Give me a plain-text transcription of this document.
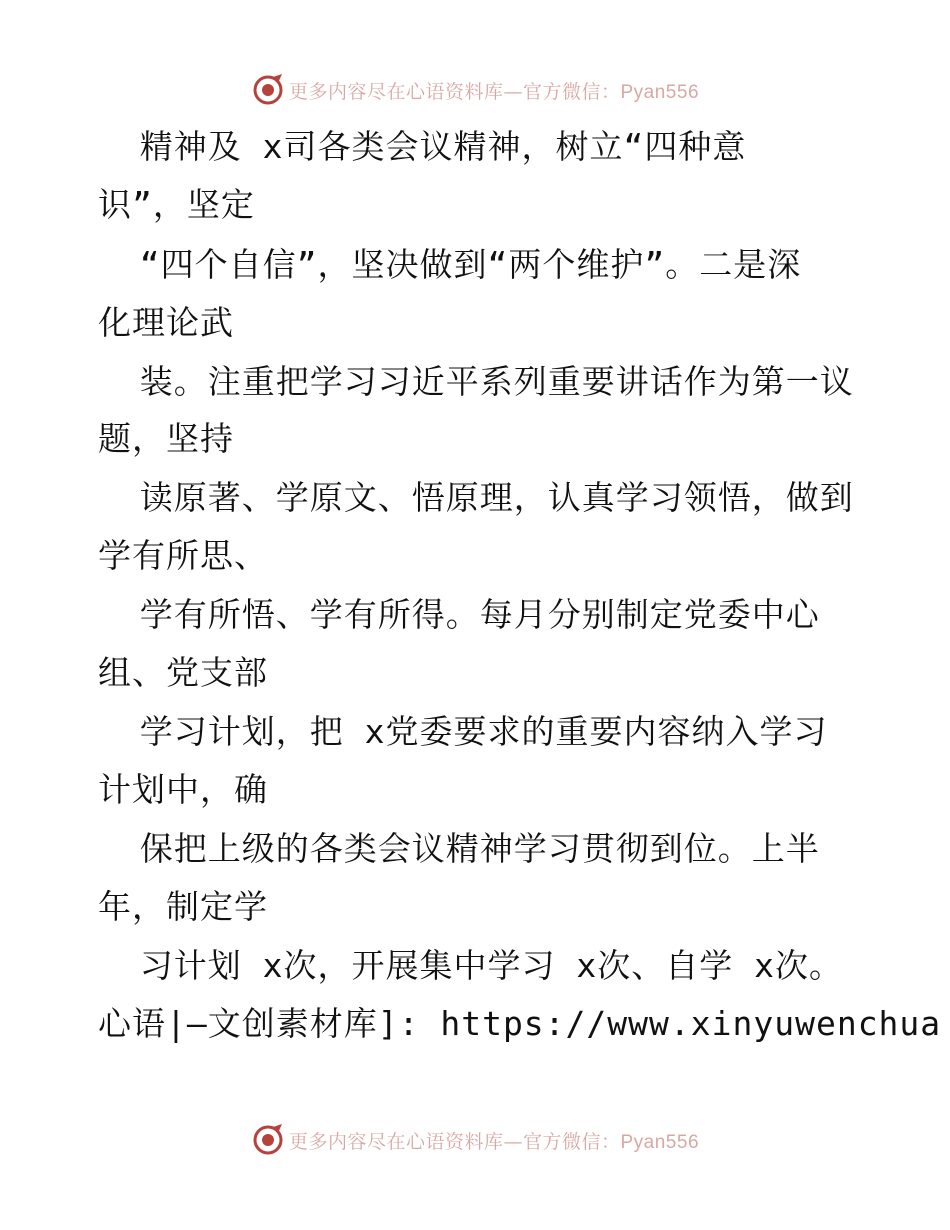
更多内容尽在心语资料库—官方微信：Pyan556
精神及 x司各类会议精神，树立“四种意
识”，坚定
“四个自信”，坚决做到“两个维护”。二是深
化理论武
装。注重把学习习近平系列重要讲话作为第一议
题，坚持
读原著、学原文、悟原理，认真学习领悟，做到
学有所思、
学有所悟、学有所得。每月分别制定党委中心
组、党支部
学习计划，把 x党委要求的重要内容纳入学习
计划中，确
保把上级的各类会议精神学习贯彻到位。上半
年，制定学
习计划 x次，开展集中学习 x次、自学 x次。
心语|—文创素材库]: https://www.xinyuwenchua
更多内容尽在心语资料库—官方微信：Pyan556
